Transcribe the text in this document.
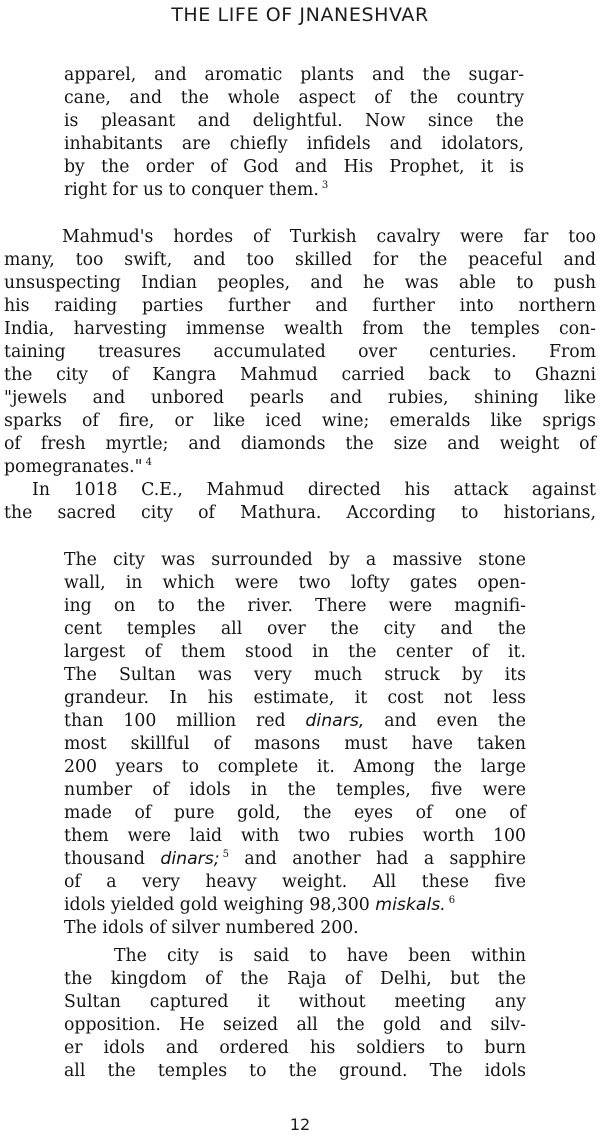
THE LIFE OF JNANESHVAR
apparel, and aromatic plants and the sugar-
cane, and the whole aspect of the country
is pleasant and delightful. Now since the
inhabitants are chiefly infidels and idolators,
by the order of God and His Prophet, it is
right for us to conquer them. $^3$
Mahmud's hordes of Turkish cavalry were far too
many, too swift, and too skilled for the peaceful and
unsuspecting Indian peoples, and he was able to push
his raiding parties further and further into northern
India, harvesting immense wealth from the temples con-
taining treasures accumulated over centuries. From
the city of Kangra Mahmud carried back to Ghazni
"jewels and unbored pearls and rubies, shining like
sparks of fire, or like iced wine; emeralds like sprigs
of fresh myrtle; and diamonds the size and weight of
pomegranates." $^4$
In 1018 C.E., Mahmud directed his attack against
the sacred city of Mathura. According to historians,
The city was surrounded by a massive stone
wall, in which were two lofty gates open-
ing on to the river. There were magnifi-
cent temples all over the city and the
largest of them stood in the center of it.
The Sultan was very much struck by its
grandeur. In his estimate, it cost not less
than 100 million red dinars, and even the
most skillful of masons must have taken
200 years to complete it. Among the large
number of idols in the temples, five were
made of pure gold, the eyes of one of
them were laid with two rubies worth 100
thousand dinars; $^5$ and another had a sapphire
of a very heavy weight. All these five
idols yielded gold weighing 98,300 miskals. $^6$
The idols of silver numbered 200.
The city is said to have been within
the kingdom of the Raja of Delhi, but the
Sultan captured it without meeting any
opposition. He seized all the gold and silv-
er idols and ordered his soldiers to burn
all the temples to the ground. The idols
12
